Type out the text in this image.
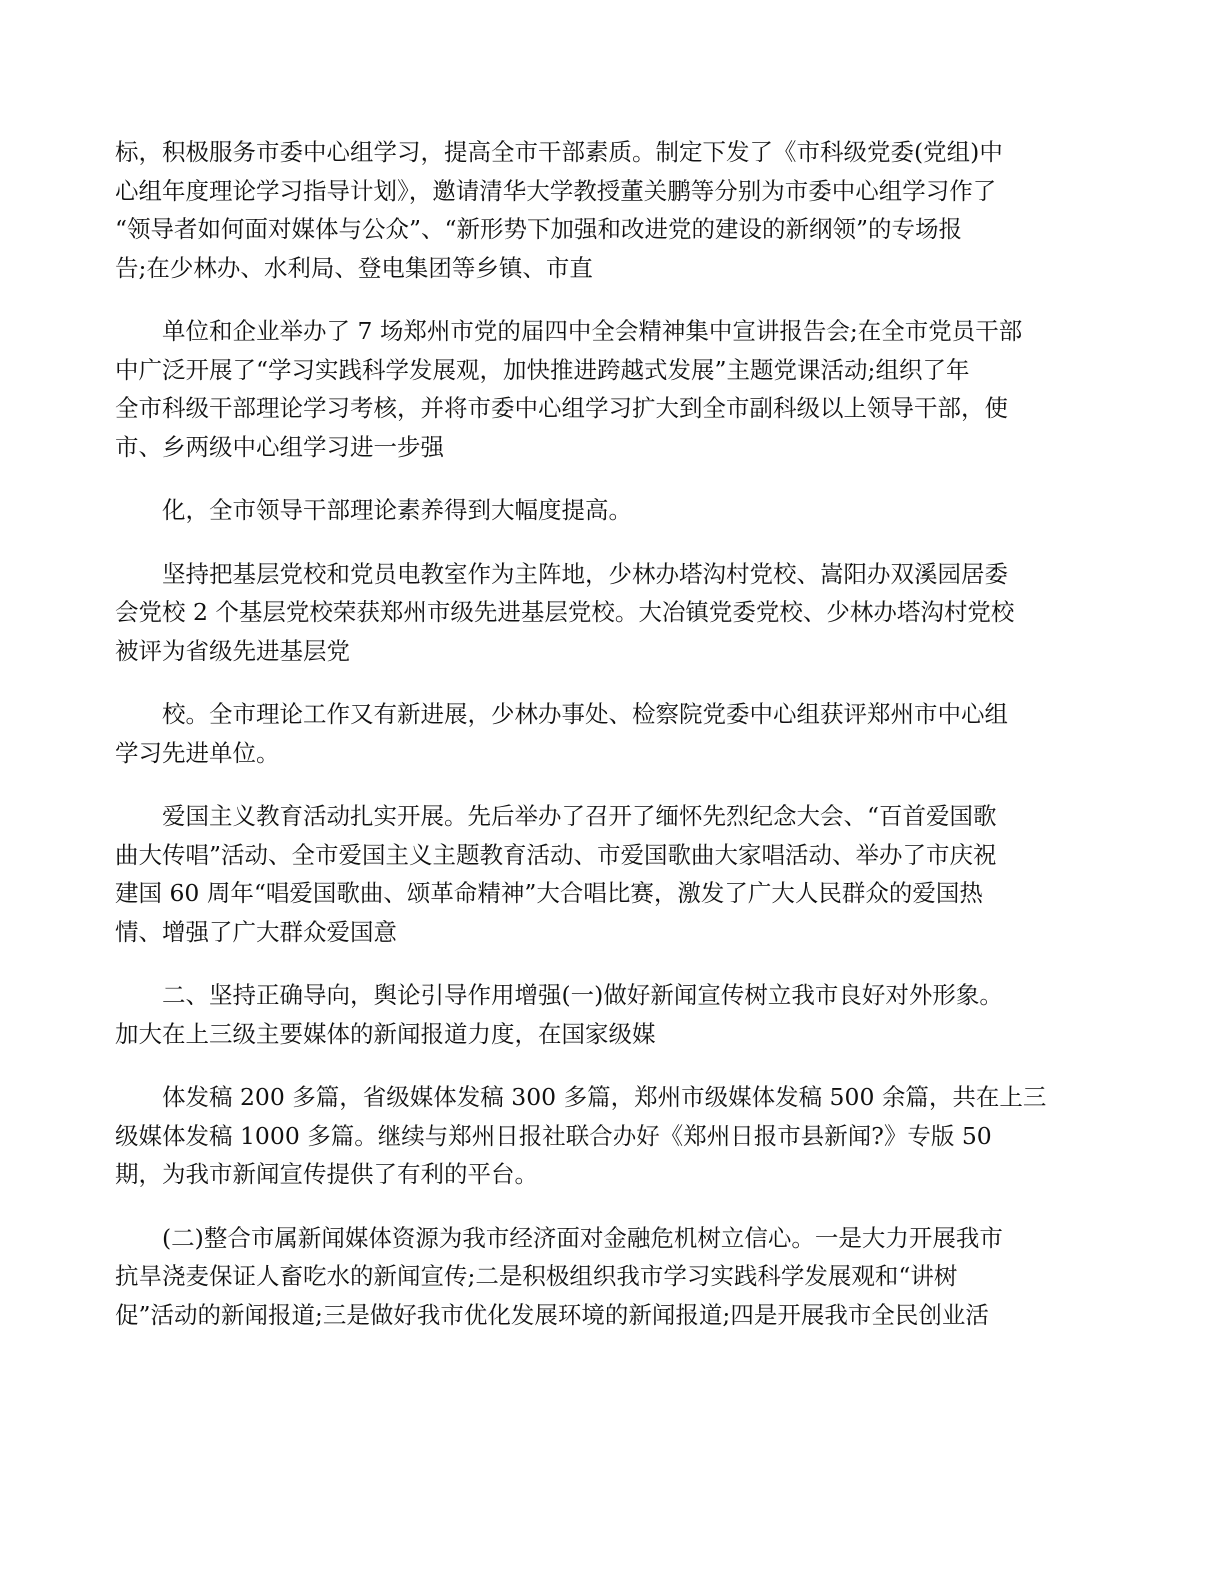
标，积极服务市委中心组学习，提高全市干部素质。制定下发了《市科级党委(党组)中
心组年度理论学习指导计划》，邀请清华大学教授董关鹏等分别为市委中心组学习作了
“领导者如何面对媒体与公众”、“新形势下加强和改进党的建设的新纲领”的专场报
告;在少林办、水利局、登电集团等乡镇、市直
单位和企业举办了 7 场郑州市党的届四中全会精神集中宣讲报告会;在全市党员干部
中广泛开展了“学习实践科学发展观，加快推进跨越式发展”主题党课活动;组织了年
全市科级干部理论学习考核，并将市委中心组学习扩大到全市副科级以上领导干部，使
市、乡两级中心组学习进一步强
化，全市领导干部理论素养得到大幅度提高。
坚持把基层党校和党员电教室作为主阵地，少林办塔沟村党校、嵩阳办双溪园居委
会党校 2 个基层党校荣获郑州市级先进基层党校。大冶镇党委党校、少林办塔沟村党校
被评为省级先进基层党
校。全市理论工作又有新进展，少林办事处、检察院党委中心组获评郑州市中心组
学习先进单位。
爱国主义教育活动扎实开展。先后举办了召开了缅怀先烈纪念大会、“百首爱国歌
曲大传唱”活动、全市爱国主义主题教育活动、市爱国歌曲大家唱活动、举办了市庆祝
建国 60 周年“唱爱国歌曲、颂革命精神”大合唱比赛，激发了广大人民群众的爱国热
情、增强了广大群众爱国意
二、坚持正确导向，舆论引导作用增强(一)做好新闻宣传树立我市良好对外形象。
加大在上三级主要媒体的新闻报道力度，在国家级媒
体发稿 200 多篇，省级媒体发稿 300 多篇，郑州市级媒体发稿 500 余篇，共在上三
级媒体发稿 1000 多篇。继续与郑州日报社联合办好《郑州日报市县新闻?》专版 50
期，为我市新闻宣传提供了有利的平台。
(二)整合市属新闻媒体资源为我市经济面对金融危机树立信心。一是大力开展我市
抗旱浇麦保证人畜吃水的新闻宣传;二是积极组织我市学习实践科学发展观和“讲树
促”活动的新闻报道;三是做好我市优化发展环境的新闻报道;四是开展我市全民创业活
